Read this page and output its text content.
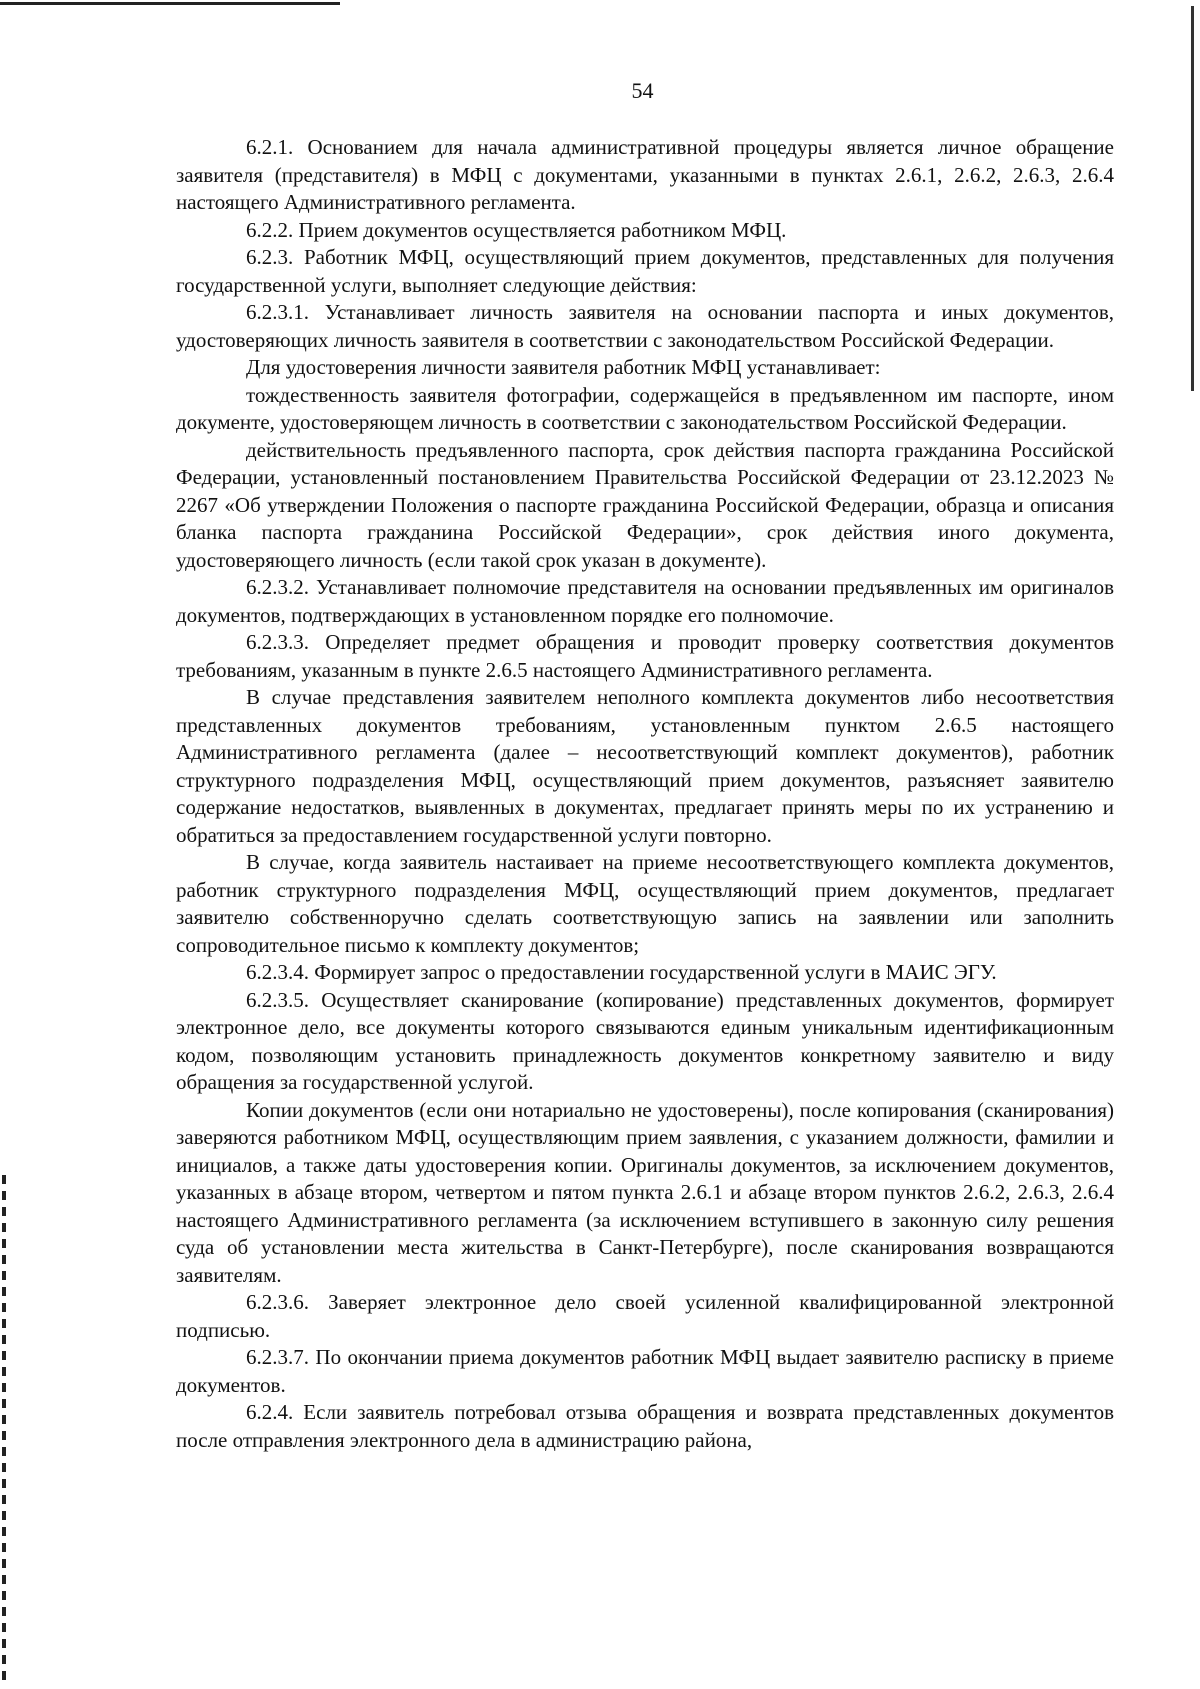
54

6.2.1. Основанием для начала административной процедуры является личное обращение заявителя (представителя) в МФЦ с документами, указанными в пунктах 2.6.1, 2.6.2, 2.6.3, 2.6.4 настоящего Административного регламента.

6.2.2. Прием документов осуществляется работником МФЦ.

6.2.3. Работник МФЦ, осуществляющий прием документов, представленных для получения государственной услуги, выполняет следующие действия:

6.2.3.1. Устанавливает личность заявителя на основании паспорта и иных документов, удостоверяющих личность заявителя в соответствии с законодательством Российской Федерации.

Для удостоверения личности заявителя работник МФЦ устанавливает:

тождественность заявителя фотографии, содержащейся в предъявленном им паспорте, ином документе, удостоверяющем личность в соответствии с законодательством Российской Федерации.

действительность предъявленного паспорта, срок действия паспорта гражданина Российской Федерации, установленный постановлением Правительства Российской Федерации от 23.12.2023 № 2267 «Об утверждении Положения о паспорте гражданина Российской Федерации, образца и описания бланка паспорта гражданина Российской Федерации», срок действия иного документа, удостоверяющего личность (если такой срок указан в документе).

6.2.3.2. Устанавливает полномочие представителя на основании предъявленных им оригиналов документов, подтверждающих в установленном порядке его полномочие.

6.2.3.3. Определяет предмет обращения и проводит проверку соответствия документов требованиям, указанным в пункте 2.6.5 настоящего Административного регламента.

В случае представления заявителем неполного комплекта документов либо несоответствия представленных документов требованиям, установленным пунктом 2.6.5 настоящего Административного регламента (далее – несоответствующий комплект документов), работник структурного подразделения МФЦ, осуществляющий прием документов, разъясняет заявителю содержание недостатков, выявленных в документах, предлагает принять меры по их устранению и обратиться за предоставлением государственной услуги повторно.

В случае, когда заявитель настаивает на приеме несоответствующего комплекта документов, работник структурного подразделения МФЦ, осуществляющий прием документов, предлагает заявителю собственноручно сделать соответствующую запись на заявлении или заполнить сопроводительное письмо к комплекту документов;

6.2.3.4. Формирует запрос о предоставлении государственной услуги в МАИС ЭГУ.

6.2.3.5. Осуществляет сканирование (копирование) представленных документов, формирует электронное дело, все документы которого связываются единым уникальным идентификационным кодом, позволяющим установить принадлежность документов конкретному заявителю и виду обращения за государственной услугой.

Копии документов (если они нотариально не удостоверены), после копирования (сканирования) заверяются работником МФЦ, осуществляющим прием заявления, с указанием должности, фамилии и инициалов, а также даты удостоверения копии. Оригиналы документов, за исключением документов, указанных в абзаце втором, четвертом и пятом пункта 2.6.1 и абзаце втором пунктов 2.6.2, 2.6.3, 2.6.4 настоящего Административного регламента (за исключением вступившего в законную силу решения суда об установлении места жительства в Санкт-Петербурге), после сканирования возвращаются заявителям.

6.2.3.6. Заверяет электронное дело своей усиленной квалифицированной электронной подписью.

6.2.3.7. По окончании приема документов работник МФЦ выдает заявителю расписку в приеме документов.

6.2.4. Если заявитель потребовал отзыва обращения и возврата представленных документов после отправления электронного дела в администрацию района,
